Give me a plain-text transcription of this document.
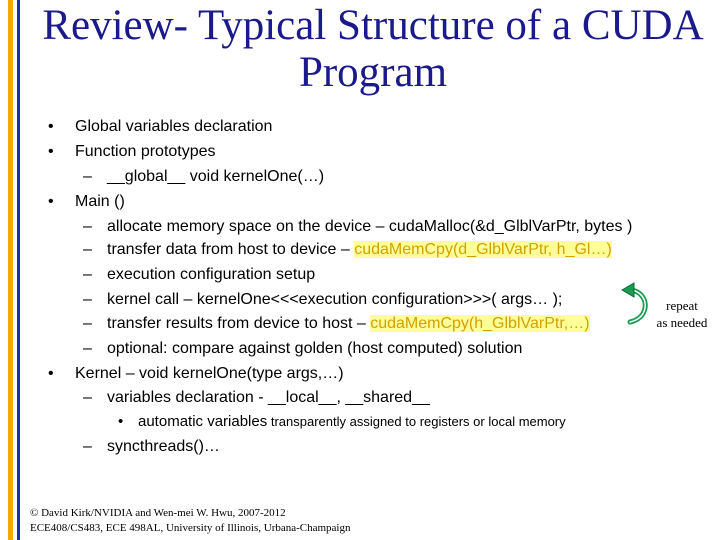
Review- Typical Structure of a CUDA
Program
• Global variables declaration
• Function prototypes
– __global__ void kernelOne(…)
• Main ()
– allocate memory space on the device – cudaMalloc(&d_GlblVarPtr, bytes )
– transfer data from host to device – cudaMemCpy(d_GlblVarPtr, h_Gl…)
– execution configuration setup
– kernel call – kernelOne<<<execution configuration>>>( args… );
– transfer results from device to host – cudaMemCpy(h_GlblVarPtr,…)
– optional: compare against golden (host computed) solution
• Kernel – void kernelOne(type args,…)
– variables declaration - __local__, __shared__
• automatic variables transparently assigned to registers or local memory
– syncthreads()…
repeat
as needed
© David Kirk/NVIDIA and Wen-mei W. Hwu, 2007-2012
ECE408/CS483, ECE 498AL, University of Illinois, Urbana-Champaign
